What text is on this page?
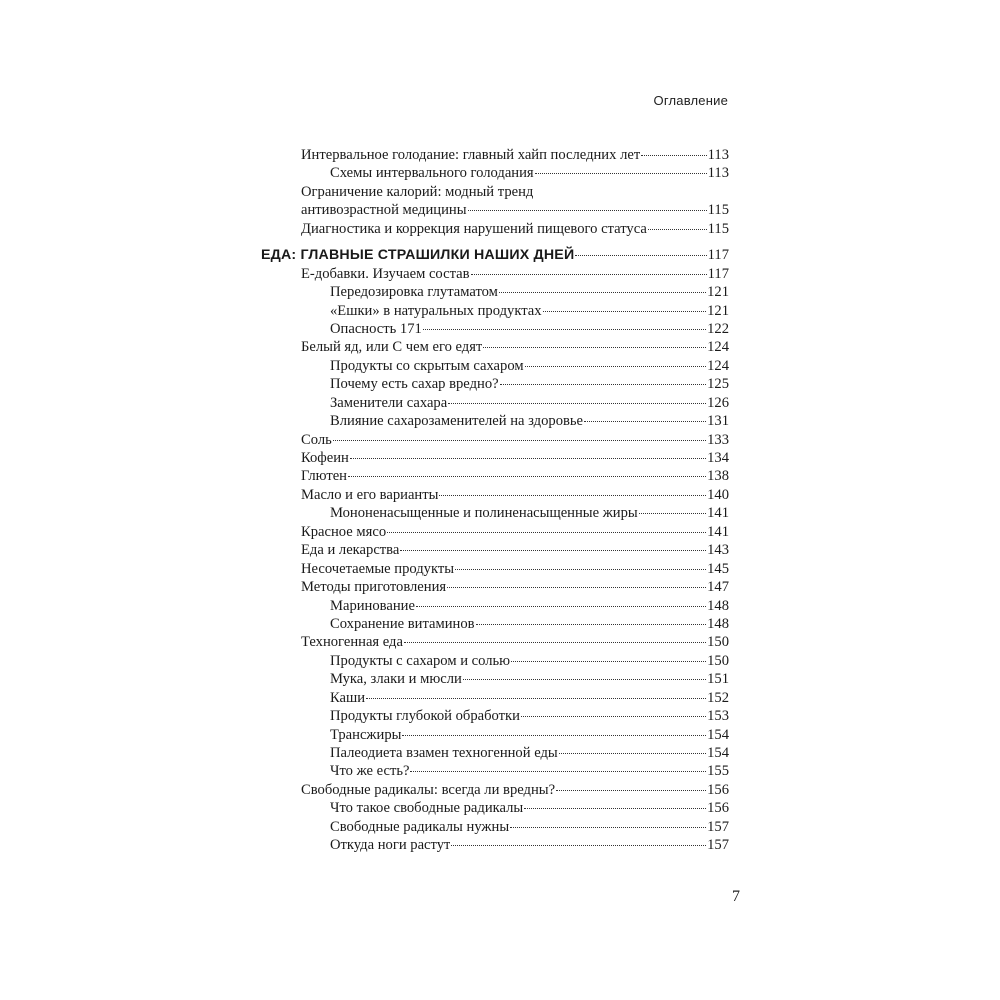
Оглавление
Интервальное голодание: главный хайп последних лет	113
Схемы интервального голодания	113
Ограничение калорий: модный тренд
антивозрастной медицины	115
Диагностика и коррекция нарушений пищевого статуса	115
ЕДА: ГЛАВНЫЕ СТРАШИЛКИ НАШИХ ДНЕЙ	117
Е-добавки. Изучаем состав	117
Передозировка глутаматом	121
«Ешки» в натуральных продуктах	121
Опасность 171	122
Белый яд, или С чем его едят	124
Продукты со скрытым сахаром	124
Почему есть сахар вредно?	125
Заменители сахара	126
Влияние сахарозаменителей на здоровье	131
Соль	133
Кофеин	134
Глютен	138
Масло и его варианты	140
Мононенасыщенные и полиненасыщенные жиры	141
Красное мясо	141
Еда и лекарства	143
Несочетаемые продукты	145
Методы приготовления	147
Маринование	148
Сохранение витаминов	148
Техногенная еда	150
Продукты с сахаром и солью	150
Мука, злаки и мюсли	151
Каши	152
Продукты глубокой обработки	153
Трансжиры	154
Палеодиета взамен техногенной еды	154
Что же есть?	155
Свободные радикалы: всегда ли вредны?	156
Что такое свободные радикалы	156
Свободные радикалы нужны	157
Откуда ноги растут	157
7
